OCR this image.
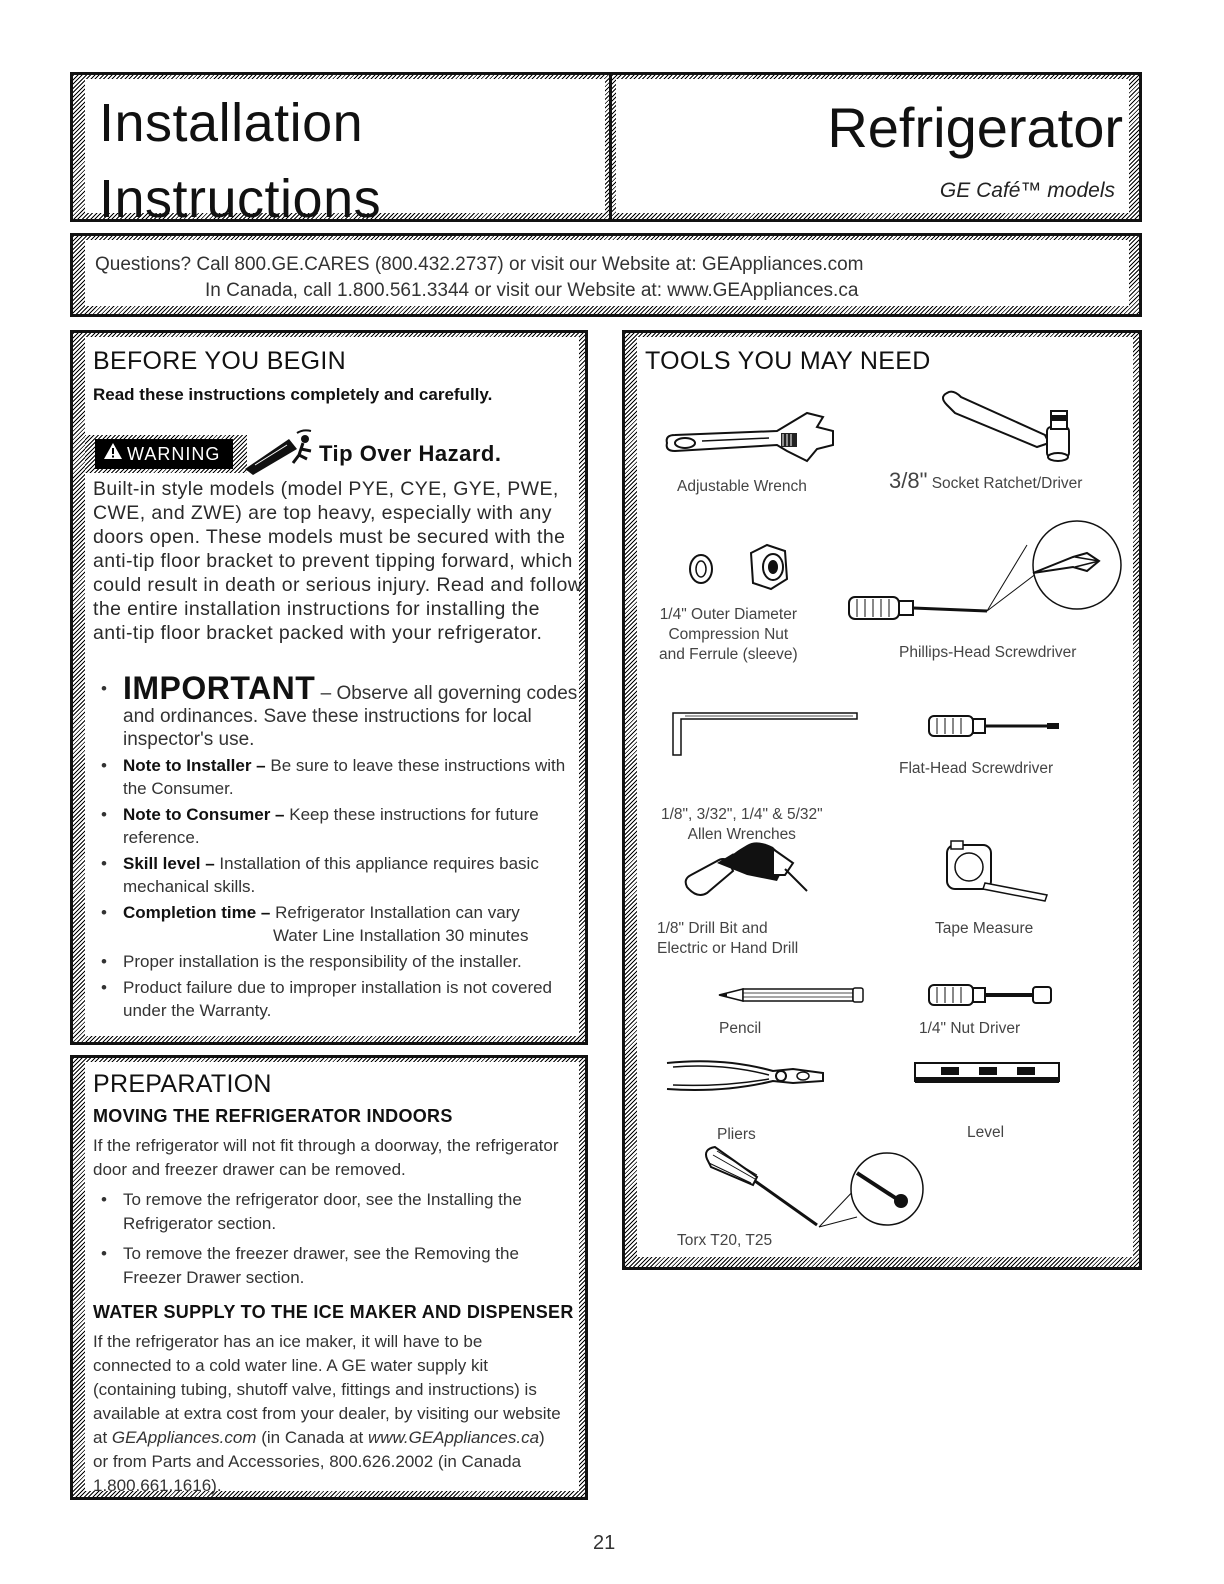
Installation
Instructions
Refrigerator
GE Café™ models
Questions? Call 800.GE.CARES (800.432.2737) or visit our Website at: GEAppliances.com
In Canada, call 1.800.561.3344 or visit our Website at: www.GEAppliances.ca
BEFORE YOU BEGIN
Read these instructions completely and carefully.
WARNING	Tip Over Hazard.
Built-in style models (model PYE, CYE, GYE, PWE, CWE, and ZWE) are top heavy, especially with any doors open. These models must be secured with the anti-tip floor bracket to prevent tipping forward, which could result in death or serious injury. Read and follow the entire installation instructions for installing the anti-tip floor bracket packed with your refrigerator.
• IMPORTANT – Observe all governing codes and ordinances. Save these instructions for local inspector's use.
• Note to Installer – Be sure to leave these instructions with the Consumer.
• Note to Consumer – Keep these instructions for future reference.
• Skill level – Installation of this appliance requires basic mechanical skills.
• Completion time – Refrigerator Installation can vary
Water Line Installation 30 minutes
• Proper installation is the responsibility of the installer.
• Product failure due to improper installation is not covered under the Warranty.
PREPARATION
MOVING THE REFRIGERATOR INDOORS
If the refrigerator will not fit through a doorway, the refrigerator door and freezer drawer can be removed.
• To remove the refrigerator door, see the Installing the Refrigerator section.
• To remove the freezer drawer, see the Removing the Freezer Drawer section.
WATER SUPPLY TO THE ICE MAKER AND DISPENSER
If the refrigerator has an ice maker, it will have to be connected to a cold water line. A GE water supply kit (containing tubing, shutoff valve, fittings and instructions) is available at extra cost from your dealer, by visiting our website at GEAppliances.com (in Canada at www.GEAppliances.ca) or from Parts and Accessories, 800.626.2002 (in Canada 1.800.661.1616).
TOOLS YOU MAY NEED
Adjustable Wrench	3/8" Socket Ratchet/Driver
1/4" Outer Diameter
Compression Nut
and Ferrule (sleeve)	Phillips-Head Screwdriver
1/8", 3/32", 1/4" & 5/32"
Allen Wrenches
Flat-Head Screwdriver
1/8" Drill Bit and
Electric or Hand Drill
Tape Measure
Pencil	1/4" Nut Driver
Pliers	Level
Torx T20, T25
21
